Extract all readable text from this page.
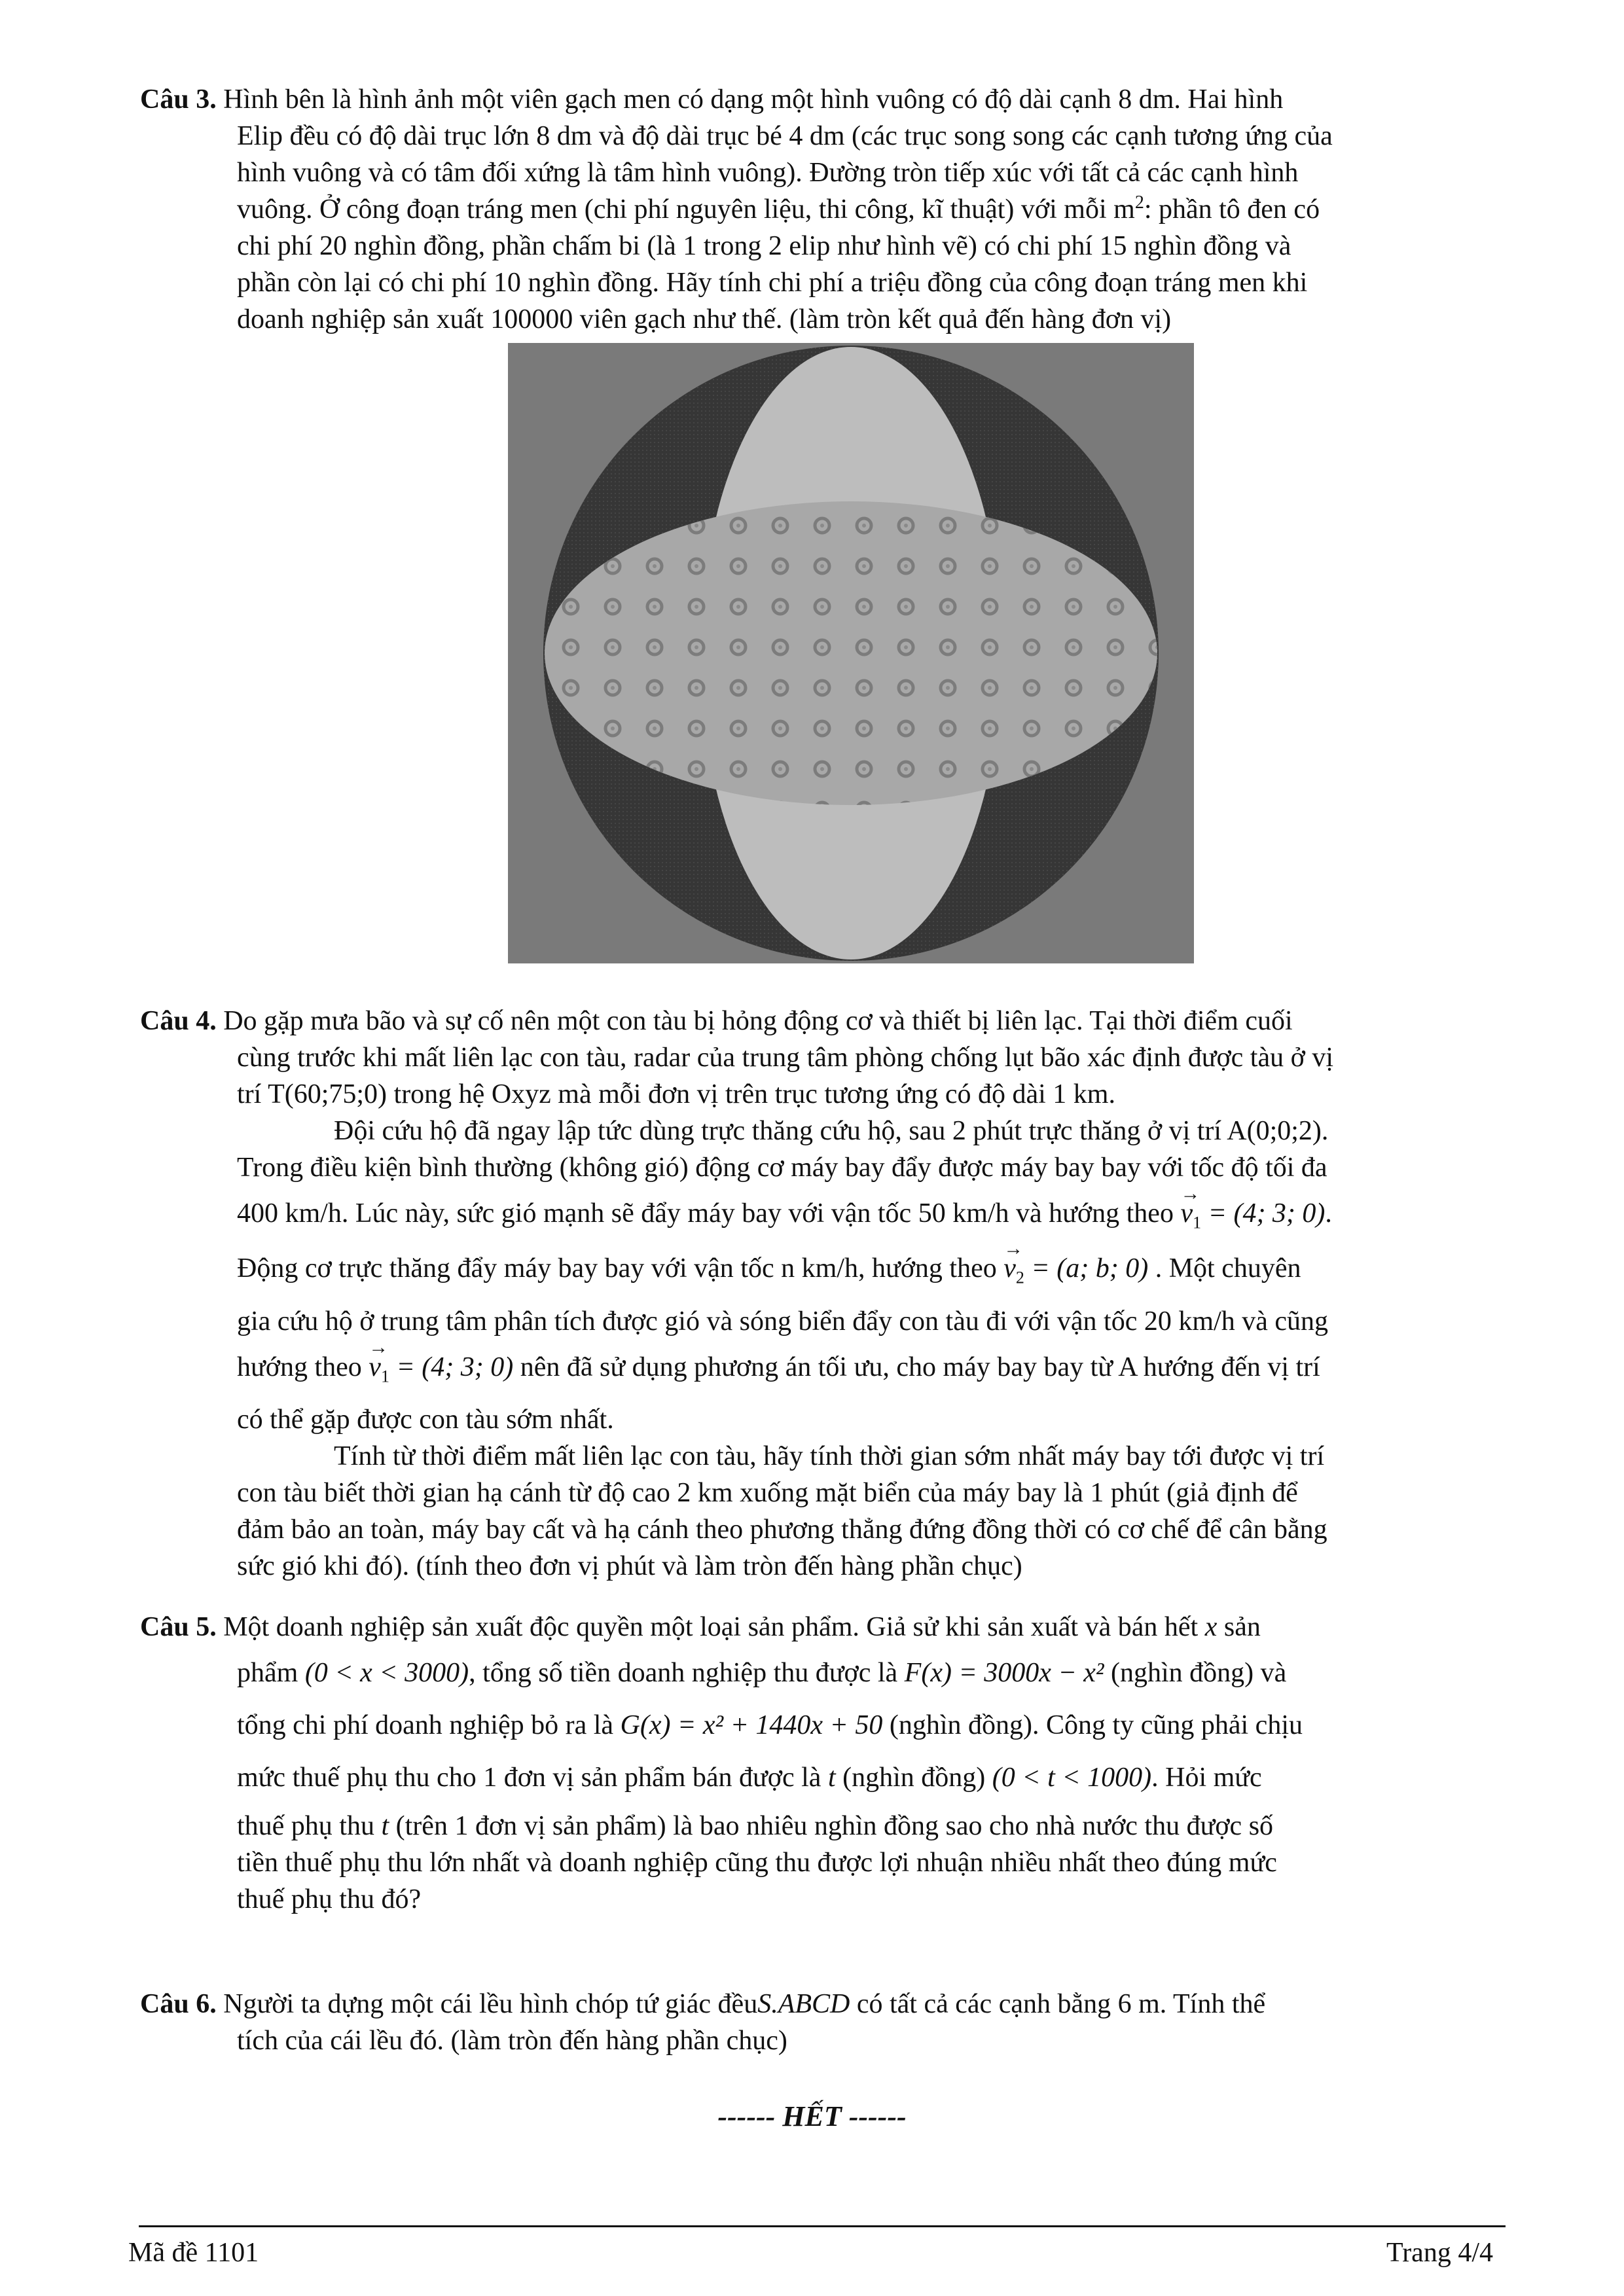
Câu 3. Hình bên là hình ảnh một viên gạch men có dạng một hình vuông có độ dài cạnh 8 dm. Hai hình

Elip đều có độ dài trục lớn 8 dm và độ dài trục bé 4 dm (các trục song song các cạnh tương ứng của

hình vuông và có tâm đối xứng là tâm hình vuông). Đường tròn tiếp xúc với tất cả các cạnh hình

vuông. Ở công đoạn tráng men (chi phí nguyên liệu, thi công, kĩ thuật) với mỗi $m^2$: phần tô đen có

chi phí 20 nghìn đồng, phần chấm bi (là 1 trong 2 elip như hình vẽ) có chi phí 15 nghìn đồng và

phần còn lại có chi phí 10 nghìn đồng. Hãy tính chi phí a triệu đồng của công đoạn tráng men khi

doanh nghiệp sản xuất 100000 viên gạch như thế. (làm tròn kết quả đến hàng đơn vị)

Câu 4. Do gặp mưa bão và sự cố nên một con tàu bị hỏng động cơ và thiết bị liên lạc. Tại thời điểm cuối

cùng trước khi mất liên lạc con tàu, radar của trung tâm phòng chống lụt bão xác định được tàu ở vị

trí T(60;75;0) trong hệ Oxyz mà mỗi đơn vị trên trục tương ứng có độ dài 1 km.

Đội cứu hộ đã ngay lập tức dùng trực thăng cứu hộ, sau 2 phút trực thăng ở vị trí A(0;0;2).

Trong điều kiện bình thường (không gió) động cơ máy bay đẩy được máy bay bay với tốc độ tối đa

400 km/h. Lúc này, sức gió mạnh sẽ đẩy máy bay với vận tốc 50 km/h và hướng theo → $v_1 = (4$; 3; 0).

Động cơ trực thăng đẩy máy bay bay với vận tốc n km/h, hướng theo → $v_2 = (a$; b; 0) . Một chuyên

gia cứu hộ ở trung tâm phân tích được gió và sóng biển đẩy con tàu đi với vận tốc 20 km/h và cũng

hướng theo → $v_1 = (4$; 3; 0) nên đã sử dụng phương án tối ưu, cho máy bay bay từ A hướng đến vị trí

có thể gặp được con tàu sớm nhất.

Tính từ thời điểm mất liên lạc con tàu, hãy tính thời gian sớm nhất máy bay tới được vị trí

con tàu biết thời gian hạ cánh từ độ cao 2 km xuống mặt biển của máy bay là 1 phút (giả định để

đảm bảo an toàn, máy bay cất và hạ cánh theo phương thẳng đứng đồng thời có cơ chế để cân bằng

sức gió khi đó). (tính theo đơn vị phút và làm tròn đến hàng phần chục)

Câu 5. Một doanh nghiệp sản xuất độc quyền một loại sản phẩm. Giả sử khi sản xuất và bán hết x sản

phẩm (0 < x < 3000), tổng số tiền doanh nghiệp thu được là F(x) = 3000x − x² (nghìn đồng) và

tổng chi phí doanh nghiệp bỏ ra là G(x) = x² + 1440x + 50 (nghìn đồng). Công ty cũng phải chịu

mức thuế phụ thu cho 1 đơn vị sản phẩm bán được là t (nghìn đồng) (0 < t < 1000). Hỏi mức

thuế phụ thu t (trên 1 đơn vị sản phẩm) là bao nhiêu nghìn đồng sao cho nhà nước thu được số

tiền thuế phụ thu lớn nhất và doanh nghiệp cũng thu được lợi nhuận nhiều nhất theo đúng mức

thuế phụ thu đó?

Câu 6. Người ta dựng một cái lều hình chóp tứ giác đềuS.ABCD có tất cả các cạnh bằng 6 m. Tính thể

tích của cái lều đó. (làm tròn đến hàng phần chục)

------ HẾT ------
Mã đề 1101	Trang 4/4
